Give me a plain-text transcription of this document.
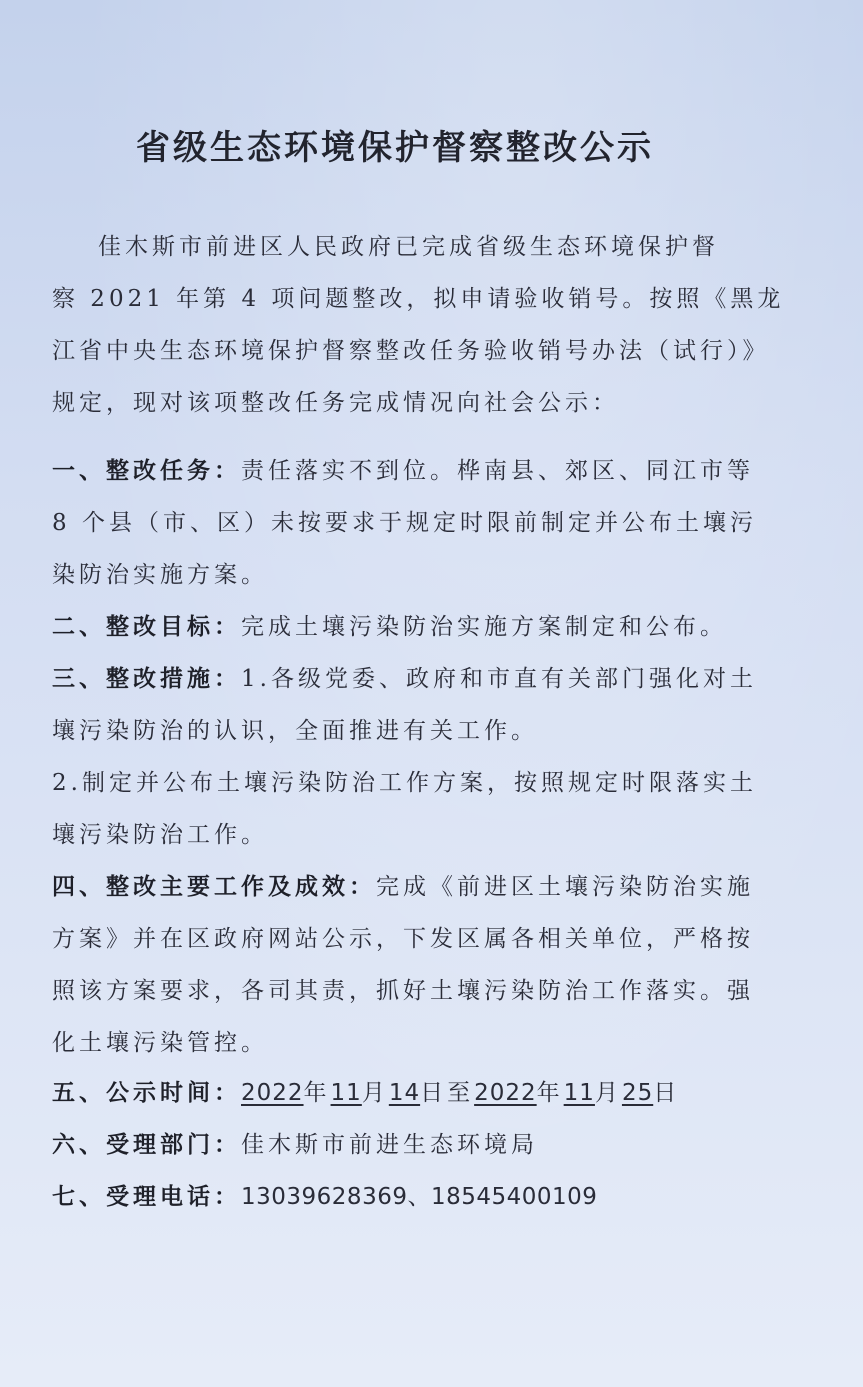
省级生态环境保护督察整改公示
佳木斯市前进区人民政府已完成省级生态环境保护督
察 2021 年第 4 项问题整改，拟申请验收销号。按照《黑龙
江省中央生态环境保护督察整改任务验收销号办法（试行）》
规定，现对该项整改任务完成情况向社会公示：
一、整改任务：责任落实不到位。桦南县、郊区、同江市等
8 个县（市、区）未按要求于规定时限前制定并公布土壤污
染防治实施方案。
二、整改目标：完成土壤污染防治实施方案制定和公布。
三、整改措施：1.各级党委、政府和市直有关部门强化对土
壤污染防治的认识，全面推进有关工作。
2.制定并公布土壤污染防治工作方案，按照规定时限落实土
壤污染防治工作。
四、整改主要工作及成效：完成《前进区土壤污染防治实施
方案》并在区政府网站公示，下发区属各相关单位，严格按
照该方案要求，各司其责，抓好土壤污染防治工作落实。强
化土壤污染管控。
五、公示时间：2022年11月14日至2022年11月25日
六、受理部门：佳木斯市前进生态环境局
七、受理电话：13039628369、18545400109
